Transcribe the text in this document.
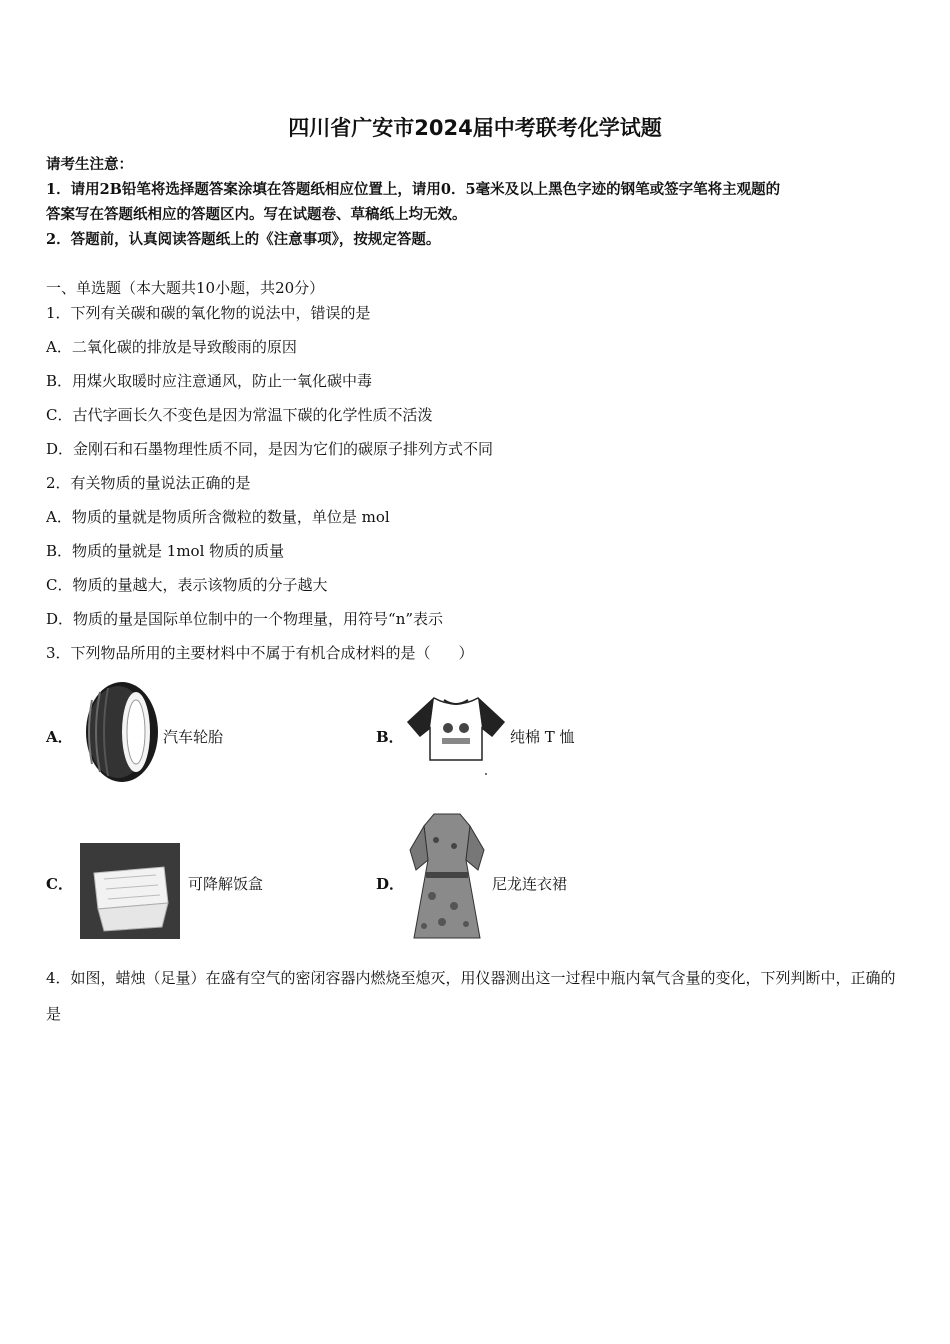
四川省广安市2024届中考联考化学试题
请考生注意：
1．请用2B铅笔将选择题答案涂填在答题纸相应位置上，请用0．5毫米及以上黑色字迹的钢笔或签字笔将主观题的
答案写在答题纸相应的答题区内。写在试题卷、草稿纸上均无效。
2．答题前，认真阅读答题纸上的《注意事项》，按规定答题。
一、单选题（本大题共10小题，共20分）
1．下列有关碳和碳的氧化物的说法中，错误的是
A．二氧化碳的排放是导致酸雨的原因
B．用煤火取暖时应注意通风，防止一氧化碳中毒
C．古代字画长久不变色是因为常温下碳的化学性质不活泼
D．金刚石和石墨物理性质不同，是因为它们的碳原子排列方式不同
2．有关物质的量说法正确的是
A．物质的量就是物质所含微粒的数量，单位是 mol
B．物质的量就是 1mol 物质的质量
C．物质的量越大，表示该物质的分子越大
D．物质的量是国际单位制中的一个物理量，用符号“n”表示
3．下列物品所用的主要材料中不属于有机合成材料的是（ ）
A．	汽车轮胎	B．	纯棉 T 恤
C．	可降解饭盒	D．	尼龙连衣裙
4．如图，蜡烛（足量）在盛有空气的密闭容器内燃烧至熄灭，用仪器测出这一过程中瓶内氧气含量的变化，下列判断中，正确的是
